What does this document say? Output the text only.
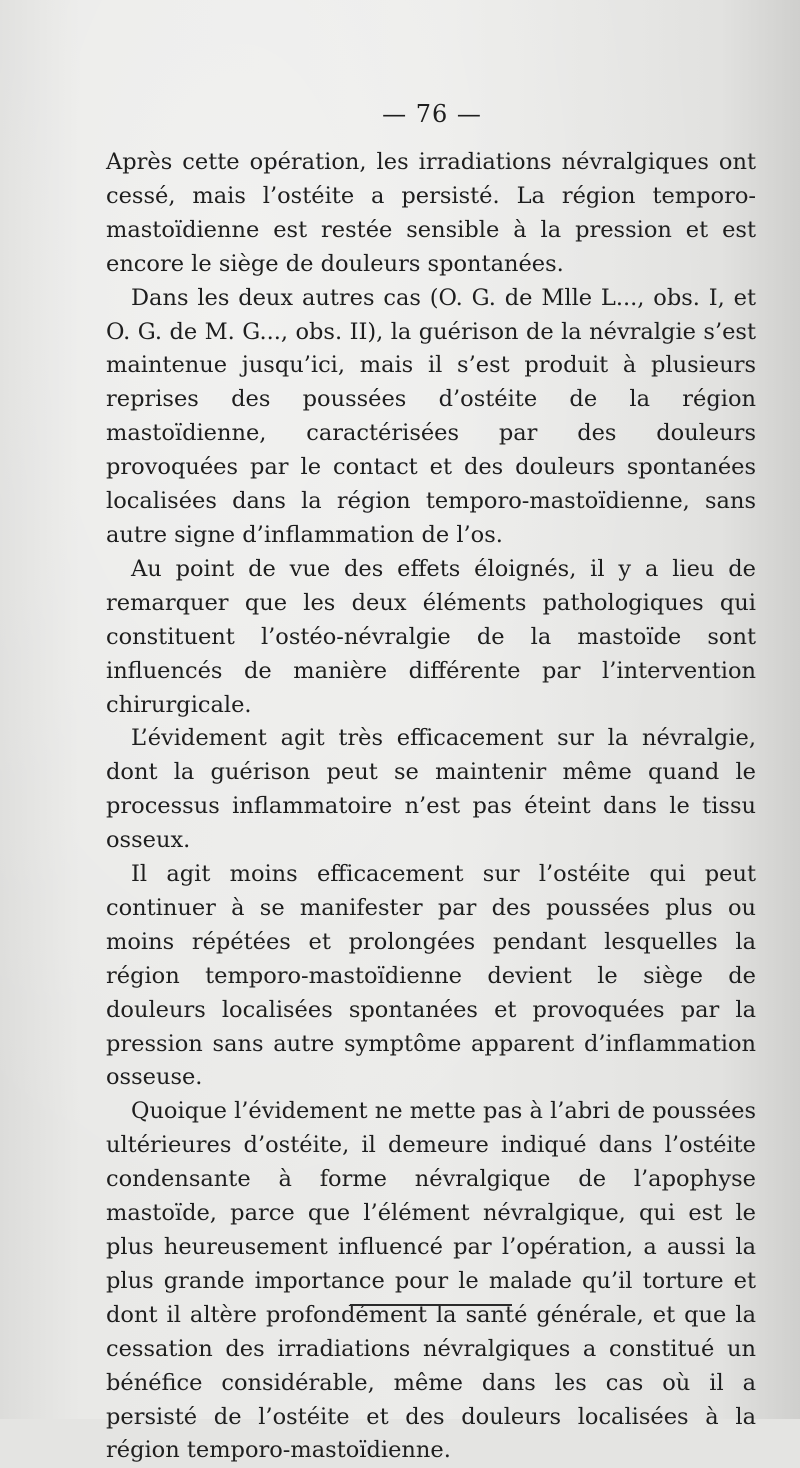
— 76 —

Après cette opération, les irradiations névralgiques ont cessé, mais l’ostéite a persisté. La région temporo-mastoïdienne est restée sensible à la pression et est encore le siège de douleurs spontanées.

Dans les deux autres cas (O. G. de Mlle L..., obs. I, et O. G. de M. G..., obs. II), la guérison de la névralgie s’est maintenue jusqu’ici, mais il s’est produit à plusieurs reprises des poussées d’ostéite de la région mastoïdienne, caractérisées par des douleurs provoquées par le contact et des douleurs spontanées localisées dans la région temporo-mastoïdienne, sans autre signe d’inflammation de l’os.

Au point de vue des effets éloignés, il y a lieu de remarquer que les deux éléments pathologiques qui constituent l’ostéo-névralgie de la mastoïde sont influencés de manière différente par l’intervention chirurgicale.

L’évidement agit très efficacement sur la névralgie, dont la guérison peut se maintenir même quand le processus inflammatoire n’est pas éteint dans le tissu osseux.

Il agit moins efficacement sur l’ostéite qui peut continuer à se manifester par des poussées plus ou moins répétées et prolongées pendant lesquelles la région temporo-mastoïdienne devient le siège de douleurs localisées spontanées et provoquées par la pression sans autre symptôme apparent d’inflammation osseuse.

Quoique l’évidement ne mette pas à l’abri de poussées ultérieures d’ostéite, il demeure indiqué dans l’ostéite condensante à forme névralgique de l’apophyse mastoïde, parce que l’élément névralgique, qui est le plus heureusement influencé par l’opération, a aussi la plus grande importance pour le malade qu’il torture et dont il altère profondément la santé générale, et que la cessation des irradiations névralgiques a constitué un bénéfice considérable, même dans les cas où il a persisté de l’ostéite et des douleurs localisées à la région temporo-mastoïdienne.
